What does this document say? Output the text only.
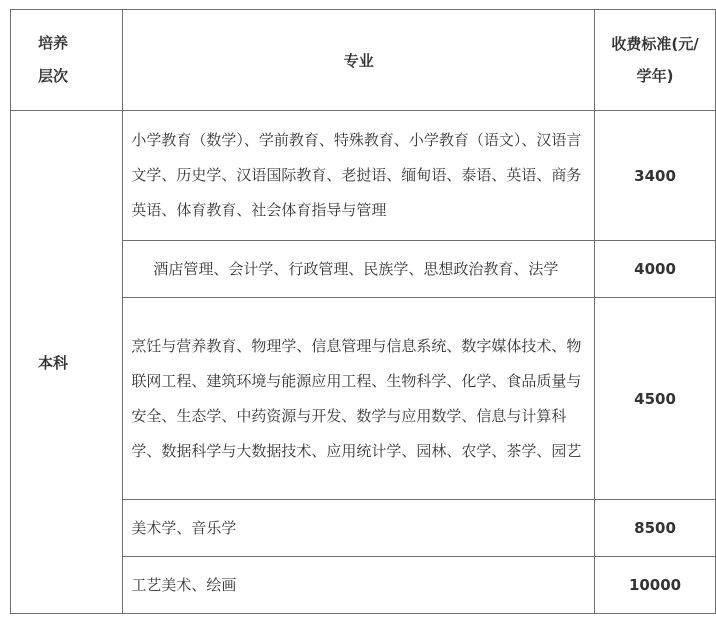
培养层次	专业	收费标准(元/学年)
本科	小学教育（数学）、学前教育、特殊教育、小学教育（语文）、汉语言文学、历史学、汉语国际教育、老挝语、缅甸语、泰语、英语、商务英语、体育教育、社会体育指导与管理	3400
	酒店管理、会计学、行政管理、民族学、思想政治教育、法学	4000
	烹饪与营养教育、物理学、信息管理与信息系统、数字媒体技术、物联网工程、建筑环境与能源应用工程、生物科学、化学、食品质量与安全、生态学、中药资源与开发、数学与应用数学、信息与计算科学、数据科学与大数据技术、应用统计学、园林、农学、茶学、园艺	4500
	美术学、音乐学	8500
	工艺美术、绘画	10000
